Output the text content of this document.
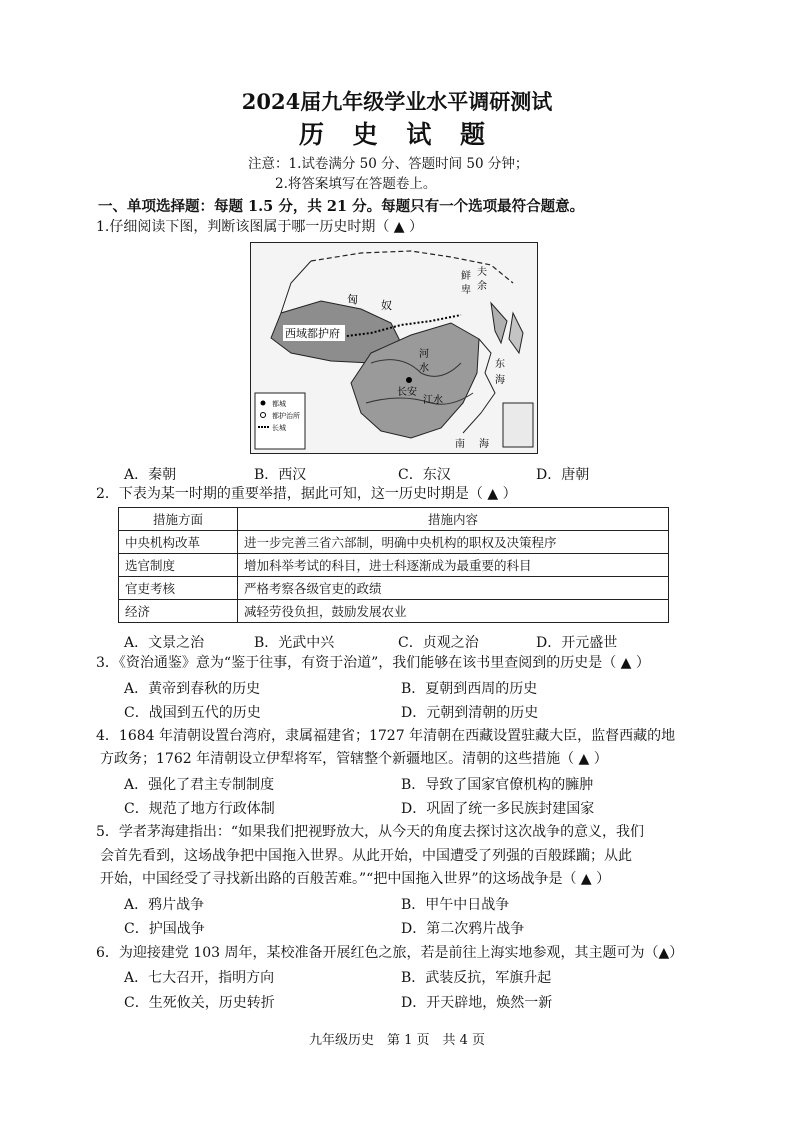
2024届九年级学业水平调研测试
历 史 试 题
注意：1.试卷满分 50 分、答题时间 50 分钟；
2.将答案填写在答题卷上。
一、单项选择题：每题 1.5 分，共 21 分。每题只有一个选项最符合题意。
1.仔细阅读下图，判断该图属于哪一历史时期（ ▲ ）
都城
都护治所
长城
匈 奴
鲜
卑
夫
余
西域都护府
长安
江水
河
水	东
海
南 海
A．秦朝	B．西汉	C．东汉	D．唐朝
2．下表为某一时期的重要举措，据此可知，这一历史时期是（ ▲ ）
措施方面	措施内容
中央机构改革	进一步完善三省六部制，明确中央机构的职权及决策程序
选官制度	增加科举考试的科目，进士科逐渐成为最重要的科目
官吏考核	严格考察各级官吏的政绩
经济	减轻劳役负担，鼓励发展农业
A．文景之治	B．光武中兴	C．贞观之治	D．开元盛世
3．《资治通鉴》意为“鉴于往事，有资于治道”，我们能够在该书里查阅到的历史是（ ▲ ）
A．黄帝到春秋的历史	B．夏朝到西周的历史
C．战国到五代的历史	D．元朝到清朝的历史
4．1684 年清朝设置台湾府，隶属福建省；1727 年清朝在西藏设置驻藏大臣，监督西藏的地
方政务；1762 年清朝设立伊犁将军，管辖整个新疆地区。清朝的这些措施（ ▲ ）
A．强化了君主专制制度	B．导致了国家官僚机构的臃肿
C．规范了地方行政体制	D．巩固了统一多民族封建国家
5．学者茅海建指出：“如果我们把视野放大，从今天的角度去探讨这次战争的意义，我们
会首先看到，这场战争把中国拖入世界。从此开始，中国遭受了列强的百般蹂躏；从此
开始，中国经受了寻找新出路的百般苦难。”“把中国拖入世界”的这场战争是（ ▲ ）
A．鸦片战争	B．甲午中日战争
C．护国战争	D．第二次鸦片战争
6．为迎接建党 103 周年，某校准备开展红色之旅，若是前往上海实地参观，其主题可为（▲）
A．七大召开，指明方向	B．武装反抗，军旗升起
C．生死攸关，历史转折	D．开天辟地，焕然一新
九年级历史　第 1 页　共 4 页
